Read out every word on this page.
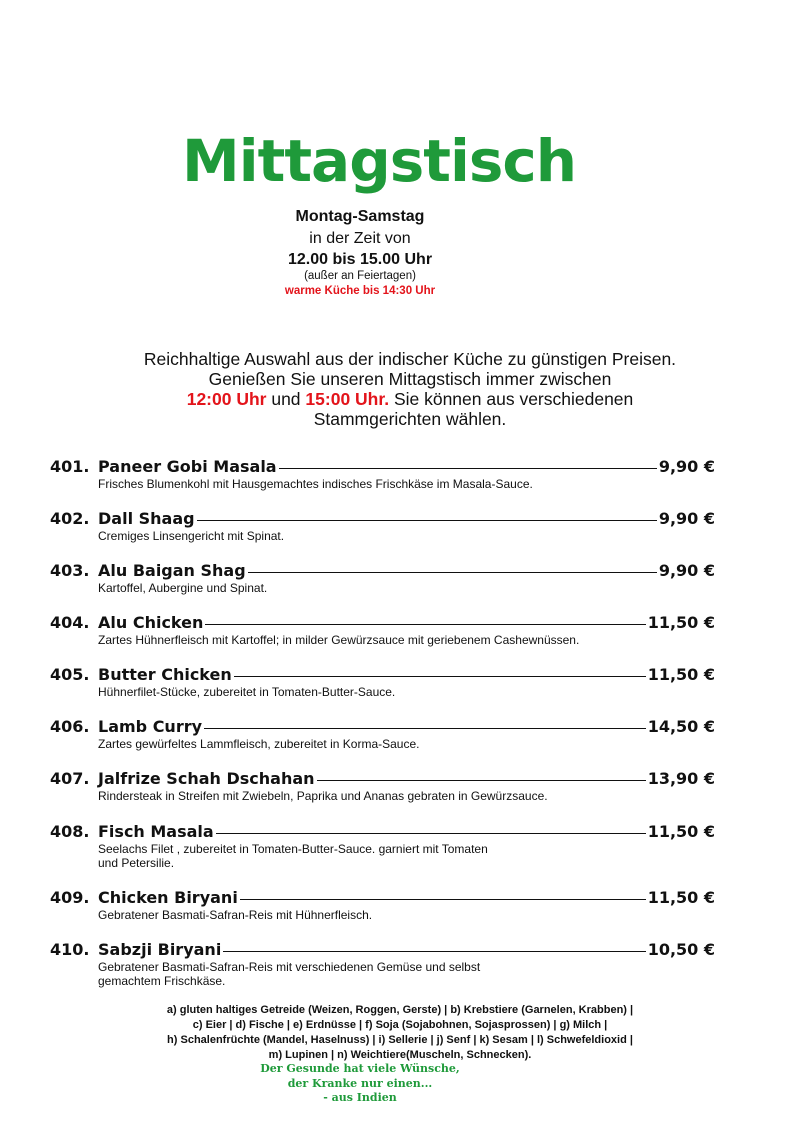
Mittagstisch
Montag-Samstag
in der Zeit von
12.00 bis 15.00 Uhr
(außer an Feiertagen)
warme Küche bis 14:30 Uhr
Reichhaltige Auswahl aus der indischer Küche zu günstigen Preisen.
Genießen Sie unseren Mittagstisch immer zwischen
12:00 Uhr und 15:00 Uhr. Sie können aus verschiedenen
Stammgerichten wählen.
401. Paneer Gobi Masala	9,90 €
Frisches Blumenkohl mit Hausgemachtes indisches Frischkäse im Masala-Sauce.
402. Dall Shaag	9,90 €
Cremiges Linsengericht mit Spinat.
403. Alu Baigan Shag	9,90 €
Kartoffel, Aubergine und Spinat.
404. Alu Chicken	11,50 €
Zartes Hühnerfleisch mit Kartoffel; in milder Gewürzsauce mit geriebenem Cashewnüssen.
405. Butter Chicken	11,50 €
Hühnerfilet-Stücke, zubereitet in Tomaten-Butter-Sauce.
406. Lamb Curry	14,50 €
Zartes gewürfeltes Lammfleisch, zubereitet in Korma-Sauce.
407. Jalfrize Schah Dschahan	13,90 €
Rindersteak in Streifen mit Zwiebeln, Paprika und Ananas gebraten in Gewürzsauce.
408. Fisch Masala	11,50 €
Seelachs Filet , zubereitet in Tomaten-Butter-Sauce. garniert mit Tomaten
und Petersilie.
409. Chicken Biryani	11,50 €
Gebratener Basmati-Safran-Reis mit Hühnerfleisch.
410. Sabzji Biryani	10,50 €
Gebratener Basmati-Safran-Reis mit verschiedenen Gemüse und selbst
gemachtem Frischkäse.
a) gluten haltiges Getreide (Weizen, Roggen, Gerste) | b) Krebstiere (Garnelen, Krabben) |
c) Eier | d) Fische | e) Erdnüsse | f) Soja (Sojabohnen, Sojasprossen) | g) Milch |
h) Schalenfrüchte (Mandel, Haselnuss) | i) Sellerie | j) Senf | k) Sesam | l) Schwefeldioxid |
m) Lupinen | n) Weichtiere(Muscheln, Schnecken).
Der Gesunde hat viele Wünsche,
der Kranke nur einen...
- aus Indien
